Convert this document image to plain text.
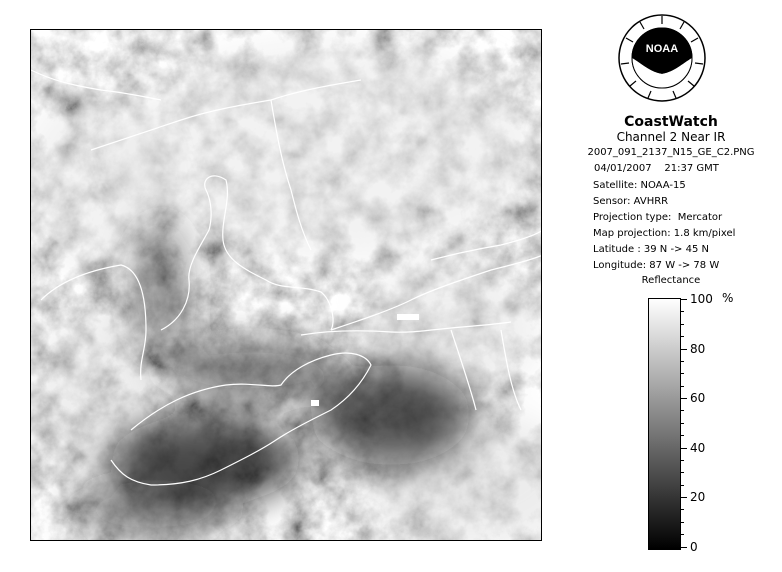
NOAA
CoastWatch
Channel 2 Near IR
2007_091_2137_N15_GE_C2.PNG
04/01/2007 21:37 GMT
Satellite: NOAA-15
Sensor: AVHRR
Projection type:  Mercator
Map projection: 1.8 km/pixel
Latitude : 39 N -> 45 N
Longitude: 87 W -> 78 W
Reflectance
%
100
80
60
40
20
0
